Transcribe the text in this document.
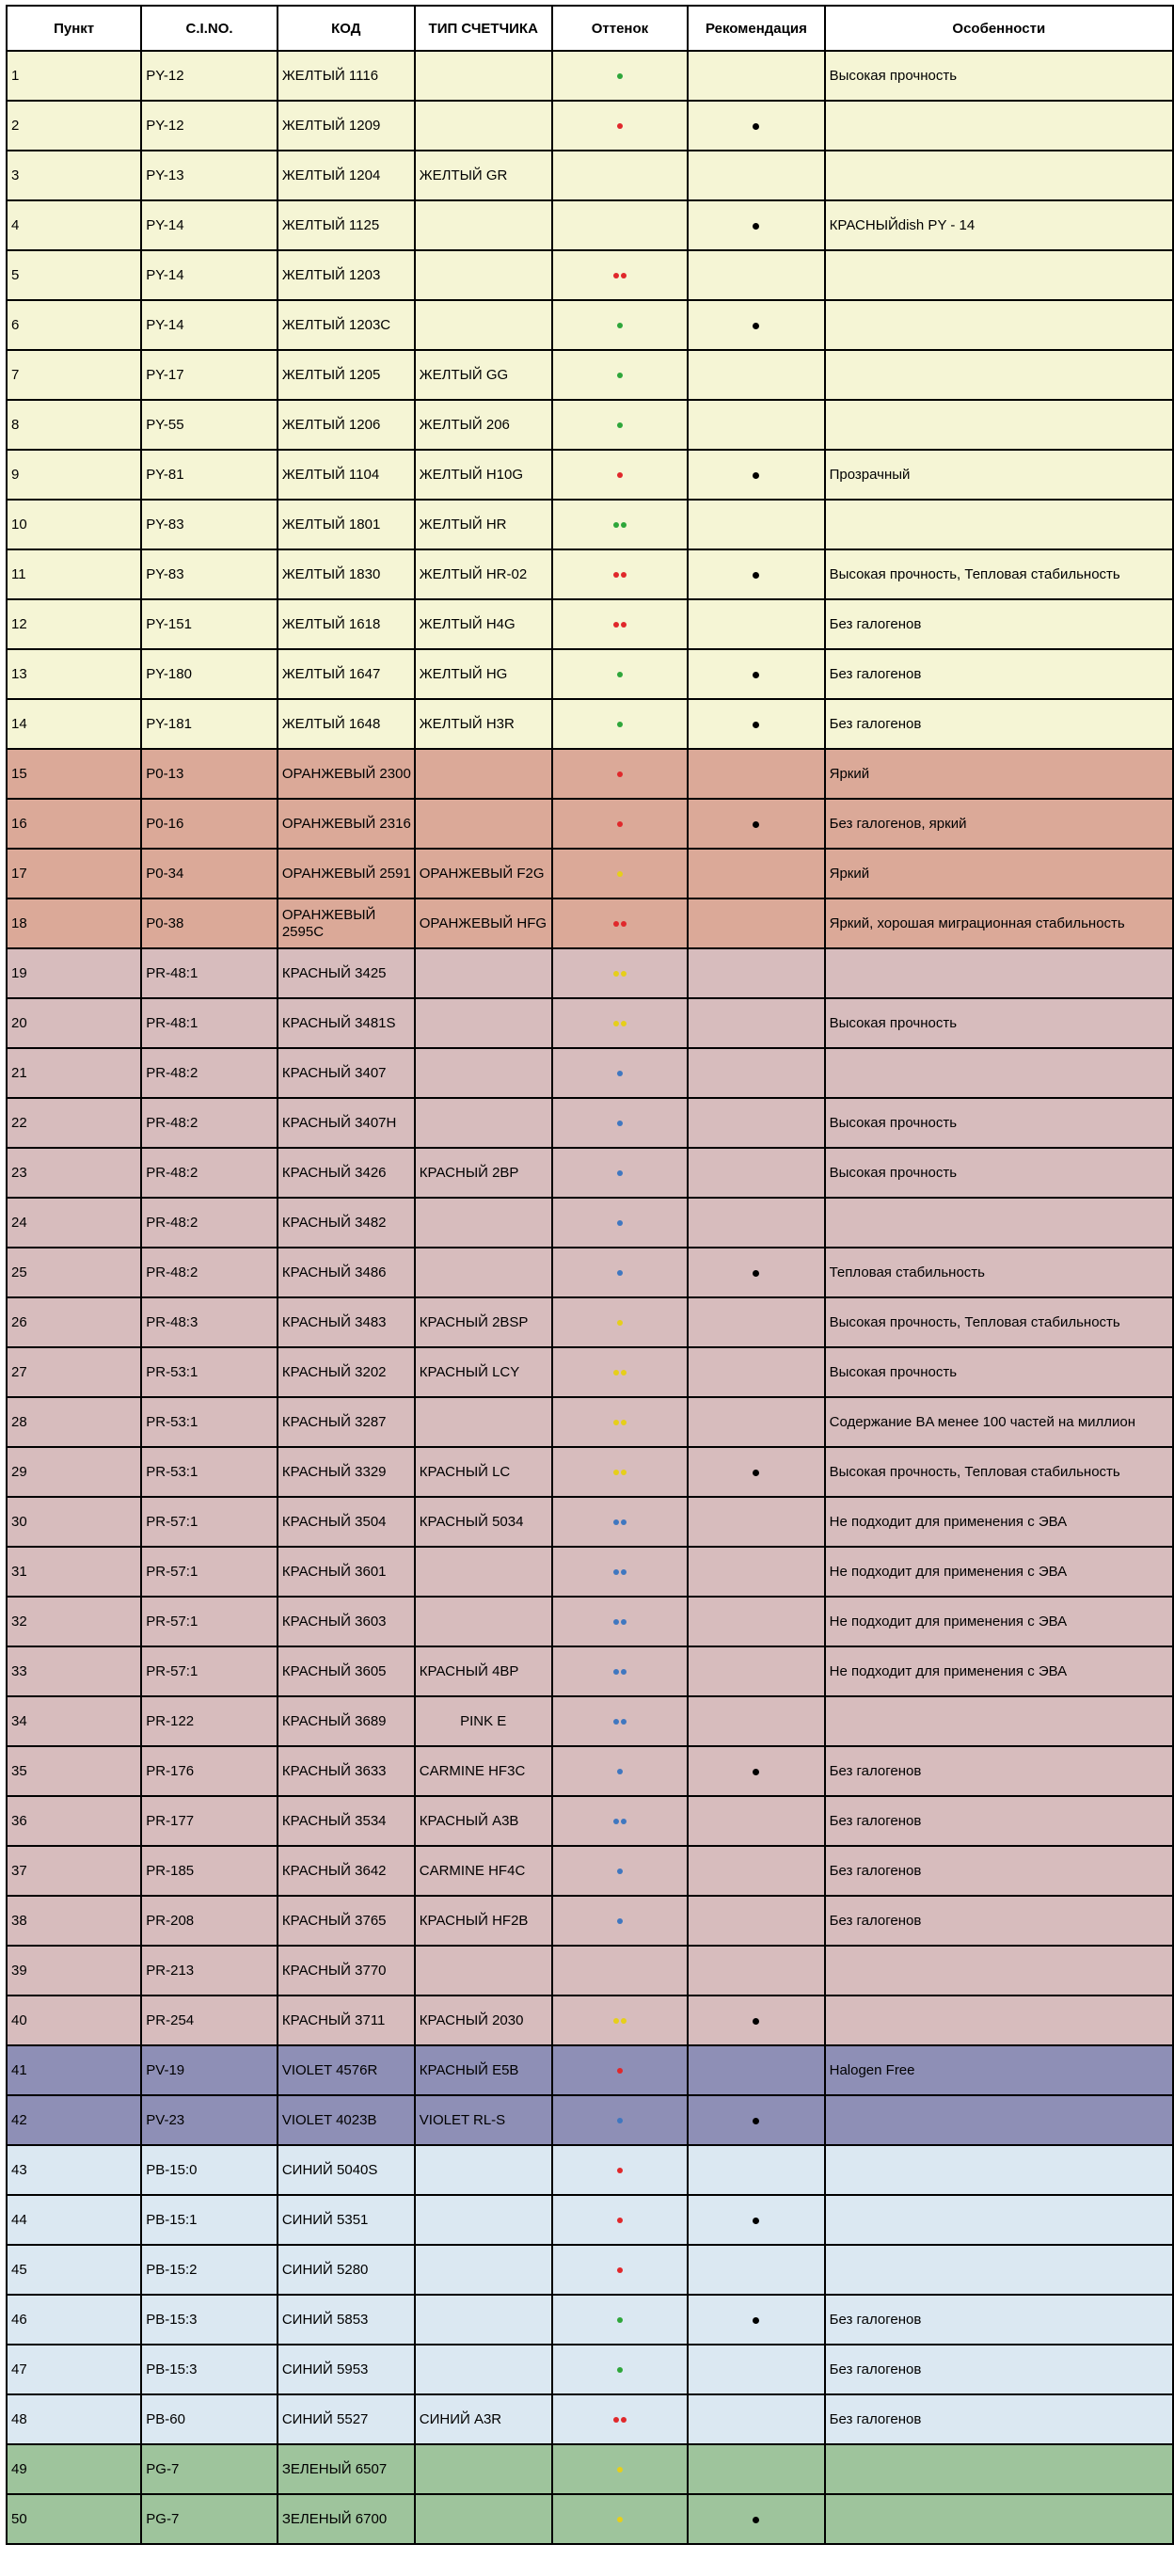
Пункт	C.I.NO.	КОД	ТИП СЧЕТЧИКА	Оттенок	Рекомендация	Особенности
1	PY-12	ЖЕЛТЫЙ 1116				Высокая прочность
2	PY-12	ЖЕЛТЫЙ 1209				
3	PY-13	ЖЕЛТЫЙ 1204	ЖЕЛТЫЙ GR			
4	PY-14	ЖЕЛТЫЙ 1125				КРАСНЫЙdish PY - 14
5	PY-14	ЖЕЛТЫЙ 1203				
6	PY-14	ЖЕЛТЫЙ 1203C				
7	PY-17	ЖЕЛТЫЙ 1205	ЖЕЛТЫЙ GG			
8	PY-55	ЖЕЛТЫЙ 1206	ЖЕЛТЫЙ 206			
9	PY-81	ЖЕЛТЫЙ 1104	ЖЕЛТЫЙ H10G			Прозрачный
10	PY-83	ЖЕЛТЫЙ 1801	ЖЕЛТЫЙ HR			
11	PY-83	ЖЕЛТЫЙ 1830	ЖЕЛТЫЙ HR-02			Высокая прочность, Тепловая стабильность
12	PY-151	ЖЕЛТЫЙ 1618	ЖЕЛТЫЙ H4G			Без галогенов
13	PY-180	ЖЕЛТЫЙ 1647	ЖЕЛТЫЙ HG			Без галогенов
14	PY-181	ЖЕЛТЫЙ 1648	ЖЕЛТЫЙ H3R			Без галогенов
15	P0-13	ОРАНЖЕВЫЙ 2300				Яркий
16	P0-16	ОРАНЖЕВЫЙ 2316				Без галогенов, яркий
17	P0-34	ОРАНЖЕВЫЙ 2591	ОРАНЖЕВЫЙ F2G			Яркий
18	P0-38	ОРАНЖЕВЫЙ 2595C	ОРАНЖЕВЫЙ HFG			Яркий, хорошая миграционная стабильность
19	PR-48:1	КРАСНЫЙ 3425				
20	PR-48:1	КРАСНЫЙ 3481S				Высокая прочность
21	PR-48:2	КРАСНЫЙ 3407				
22	PR-48:2	КРАСНЫЙ 3407H				Высокая прочность
23	PR-48:2	КРАСНЫЙ 3426	КРАСНЫЙ 2BP			Высокая прочность
24	PR-48:2	КРАСНЫЙ 3482				
25	PR-48:2	КРАСНЫЙ 3486				Тепловая стабильность
26	PR-48:3	КРАСНЫЙ 3483	КРАСНЫЙ 2BSP			Высокая прочность, Тепловая стабильность
27	PR-53:1	КРАСНЫЙ 3202	КРАСНЫЙ LCY			Высокая прочность
28	PR-53:1	КРАСНЫЙ 3287				Содержание BA менее 100 частей на миллион
29	PR-53:1	КРАСНЫЙ 3329	КРАСНЫЙ LC			Высокая прочность, Тепловая стабильность
30	PR-57:1	КРАСНЫЙ 3504	КРАСНЫЙ 5034			Не подходит для применения с ЭВА
31	PR-57:1	КРАСНЫЙ 3601				Не подходит для применения с ЭВА
32	PR-57:1	КРАСНЫЙ 3603				Не подходит для применения с ЭВА
33	PR-57:1	КРАСНЫЙ 3605	КРАСНЫЙ 4BP			Не подходит для применения с ЭВА
34	PR-122	КРАСНЫЙ 3689	PINK E			
35	PR-176	КРАСНЫЙ 3633	CARMINE HF3C			Без галогенов
36	PR-177	КРАСНЫЙ 3534	КРАСНЫЙ A3B			Без галогенов
37	PR-185	КРАСНЫЙ 3642	CARMINE HF4C			Без галогенов
38	PR-208	КРАСНЫЙ 3765	КРАСНЫЙ HF2B			Без галогенов
39	PR-213	КРАСНЫЙ 3770				
40	PR-254	КРАСНЫЙ 3711	КРАСНЫЙ 2030			
41	PV-19	VIOLET 4576R	КРАСНЫЙ E5B			Halogen Free
42	PV-23	VIOLET 4023B	VIOLET RL-S			
43	PB-15:0	СИНИЙ 5040S				
44	PB-15:1	СИНИЙ 5351				
45	PB-15:2	СИНИЙ 5280				
46	PB-15:3	СИНИЙ 5853				Без галогенов
47	PB-15:3	СИНИЙ 5953				Без галогенов
48	PB-60	СИНИЙ 5527	СИНИЙ A3R			Без галогенов
49	PG-7	ЗЕЛЕНЫЙ 6507				
50	PG-7	ЗЕЛЕНЫЙ 6700				
